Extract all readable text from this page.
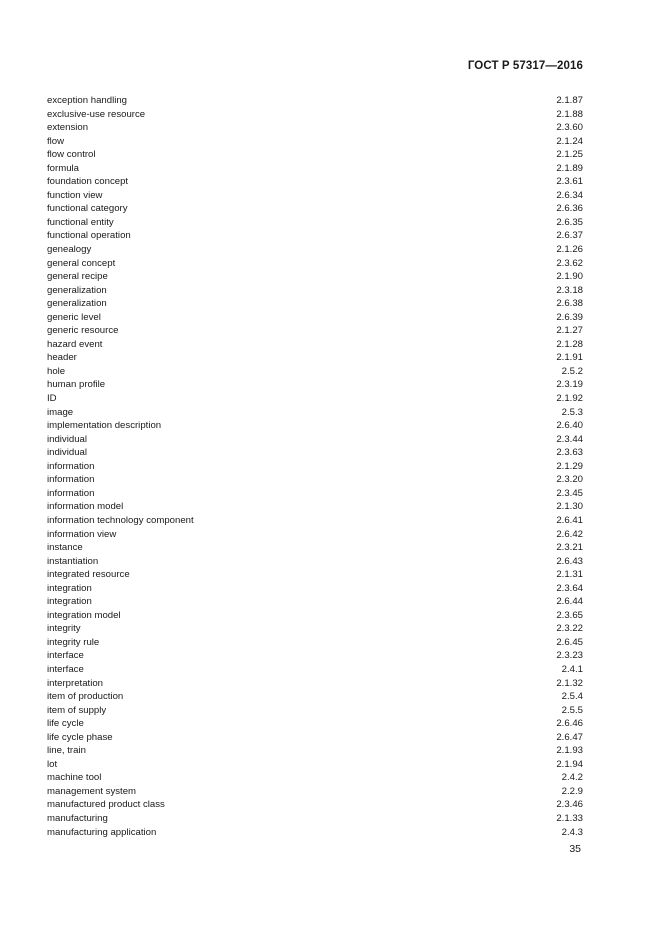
ГОСТ Р 57317—2016
exception handling	2.1.87
exclusive-use resource	2.1.88
extension	2.3.60
flow	2.1.24
flow control	2.1.25
formula	2.1.89
foundation concept	2.3.61
function view	2.6.34
functional category	2.6.36
functional entity	2.6.35
functional operation	2.6.37
genealogy	2.1.26
general concept	2.3.62
general recipe	2.1.90
generalization	2.3.18
generalization	2.6.38
generic level	2.6.39
generic resource	2.1.27
hazard event	2.1.28
header	2.1.91
hole	2.5.2
human profile	2.3.19
ID	2.1.92
image	2.5.3
implementation description	2.6.40
individual	2.3.44
individual	2.3.63
information	2.1.29
information	2.3.20
information	2.3.45
information model	2.1.30
information technology component	2.6.41
information view	2.6.42
instance	2.3.21
instantiation	2.6.43
integrated resource	2.1.31
integration	2.3.64
integration	2.6.44
integration model	2.3.65
integrity	2.3.22
integrity rule	2.6.45
interface	2.3.23
interface	2.4.1
interpretation	2.1.32
item of production	2.5.4
item of supply	2.5.5
life cycle	2.6.46
life cycle phase	2.6.47
line, train	2.1.93
lot	2.1.94
machine tool	2.4.2
management system	2.2.9
manufactured product class	2.3.46
manufacturing	2.1.33
manufacturing application	2.4.3
35
